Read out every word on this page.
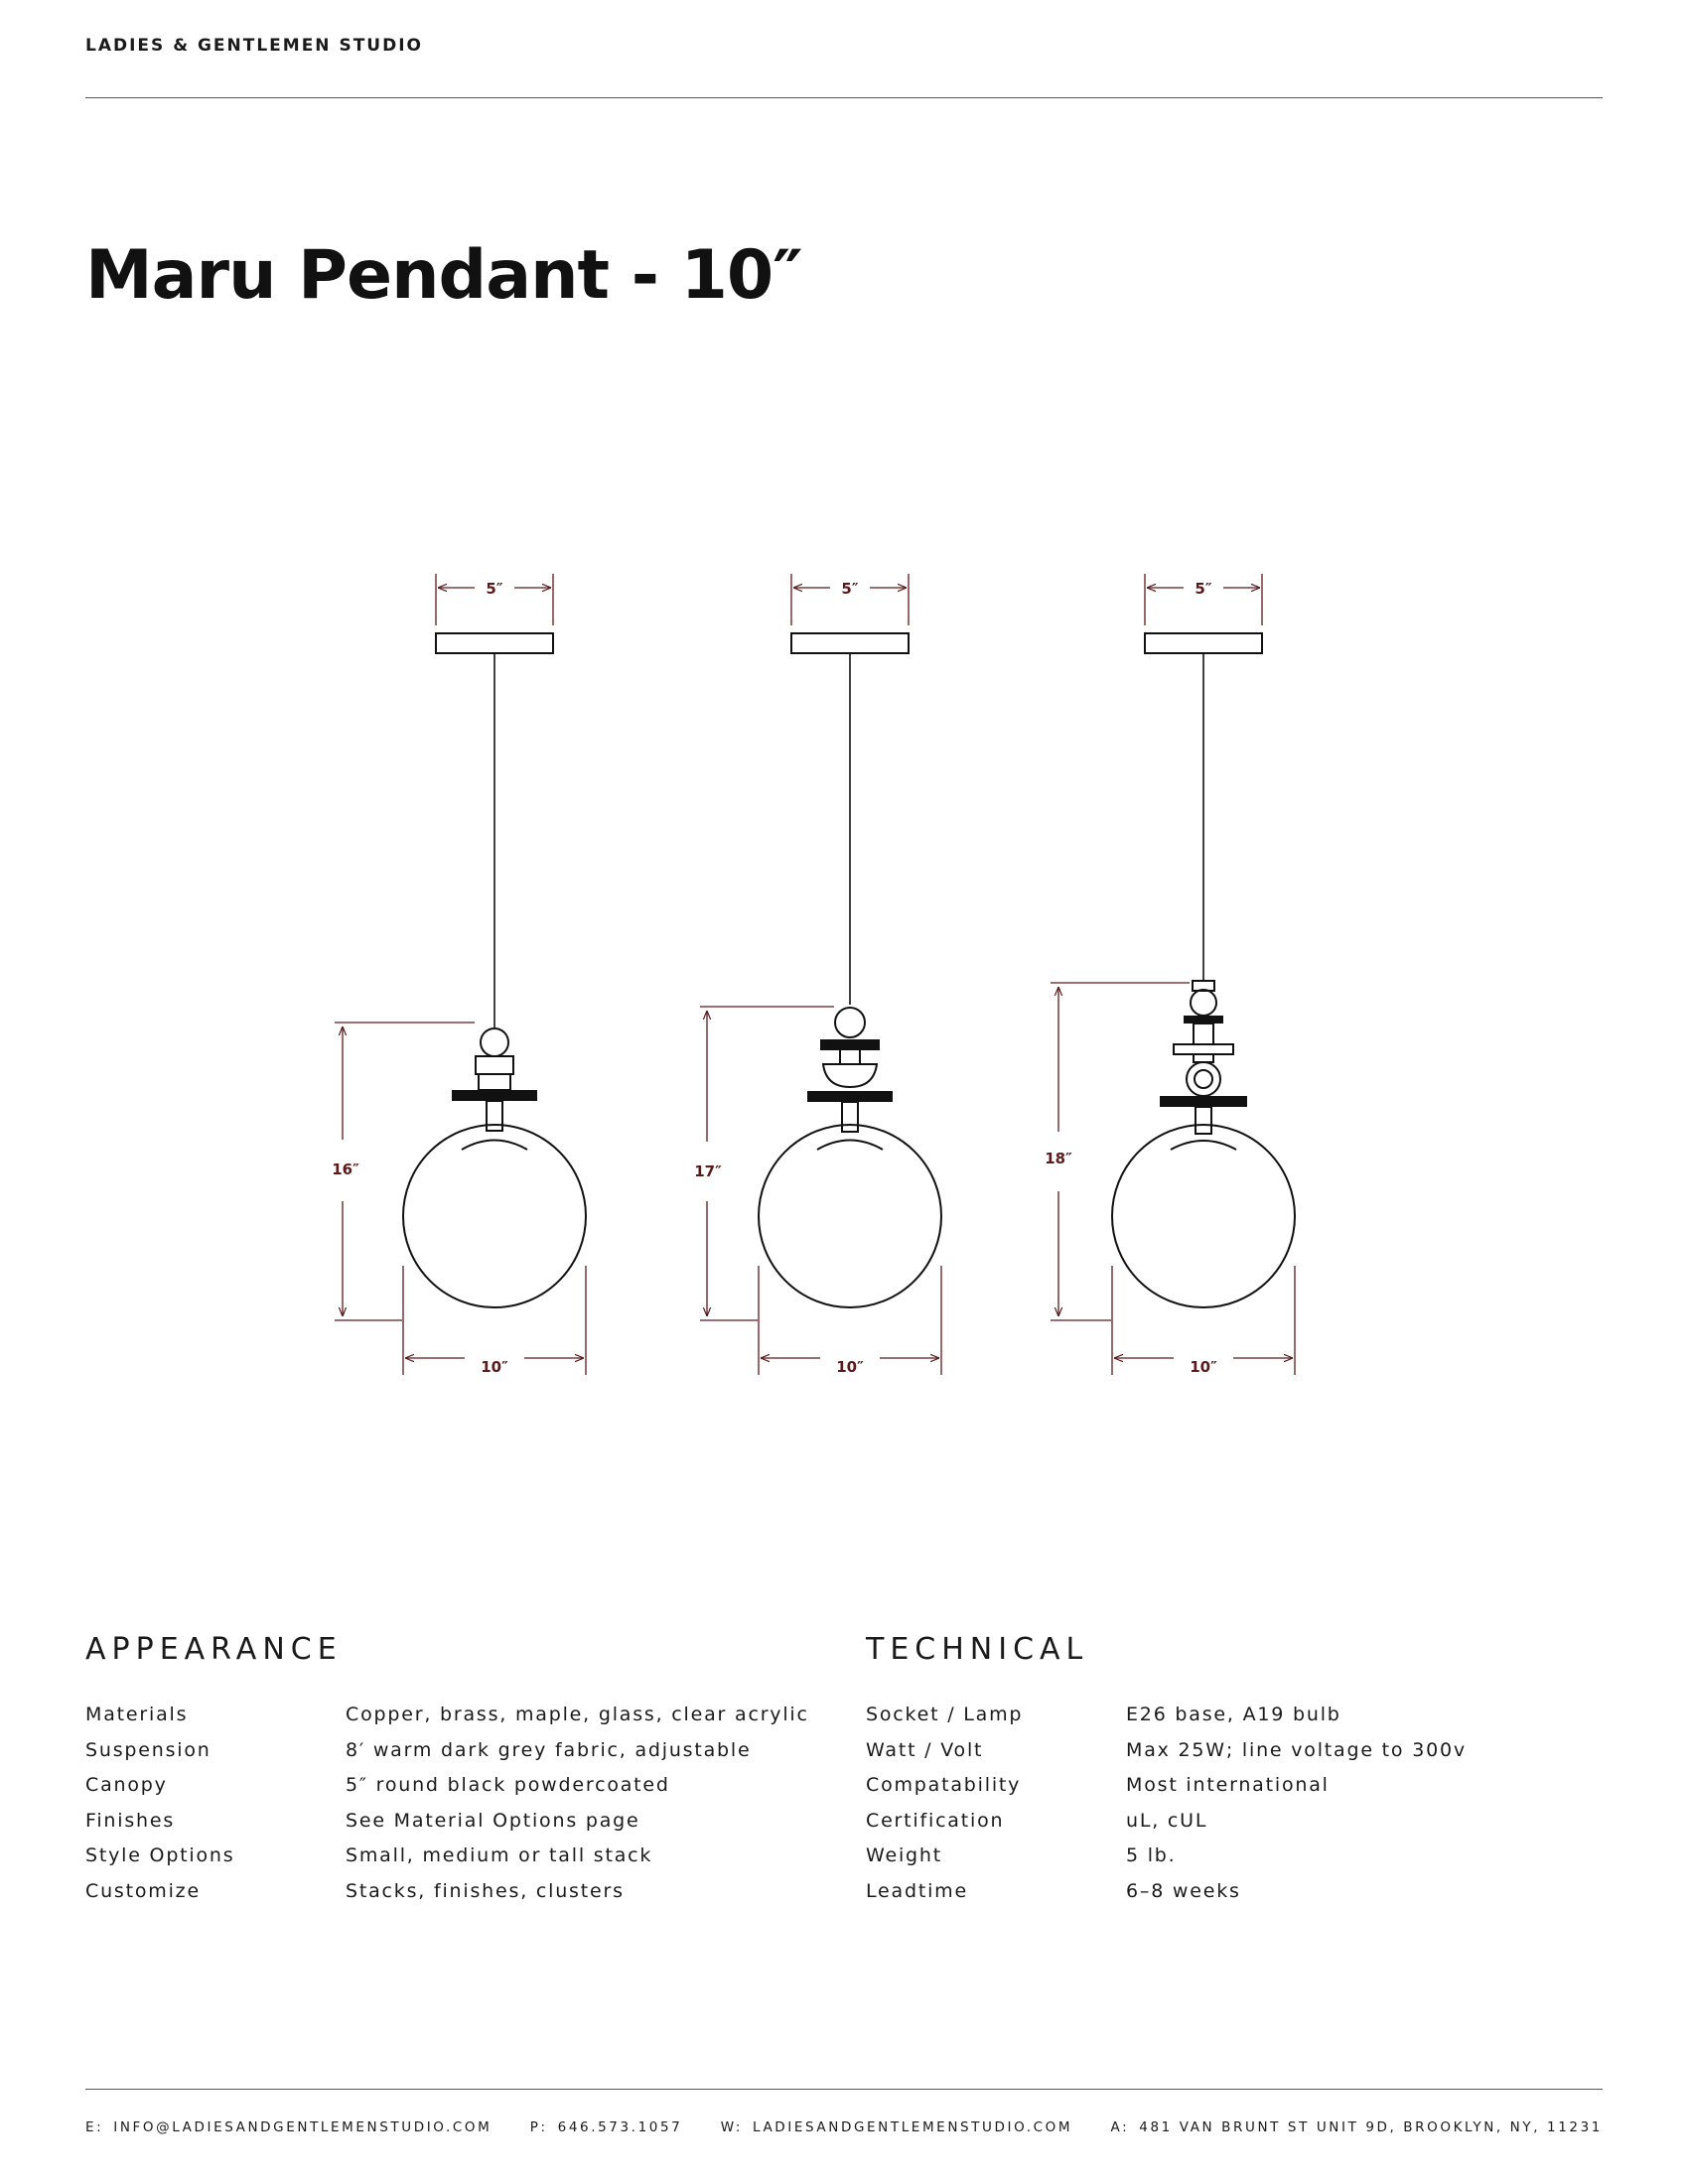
LADIES & GENTLEMEN STUDIO
Maru Pendant - 10″
5″
16″
10″
5″
17″
10″
5″
18″
10″
APPEARANCE
Materials	Copper, brass, maple, glass, clear acrylic
Suspension	8′ warm dark grey fabric, adjustable
Canopy	5″ round black powdercoated
Finishes	See Material Options page
Style Options	Small, medium or tall stack
Customize	Stacks, finishes, clusters
TECHNICAL
Socket / Lamp	E26 base, A19 bulb
Watt / Volt	Max 25W; line voltage to 300v
Compatability	Most international
Certification	uL, cUL
Weight	5 lb.
Leadtime	6–8 weeks
E: INFO@LADIESANDGENTLEMENSTUDIO.COM	P: 646.573.1057	W: LADIESANDGENTLEMENSTUDIO.COM	A: 481 VAN BRUNT ST UNIT 9D, BROOKLYN, NY, 11231
